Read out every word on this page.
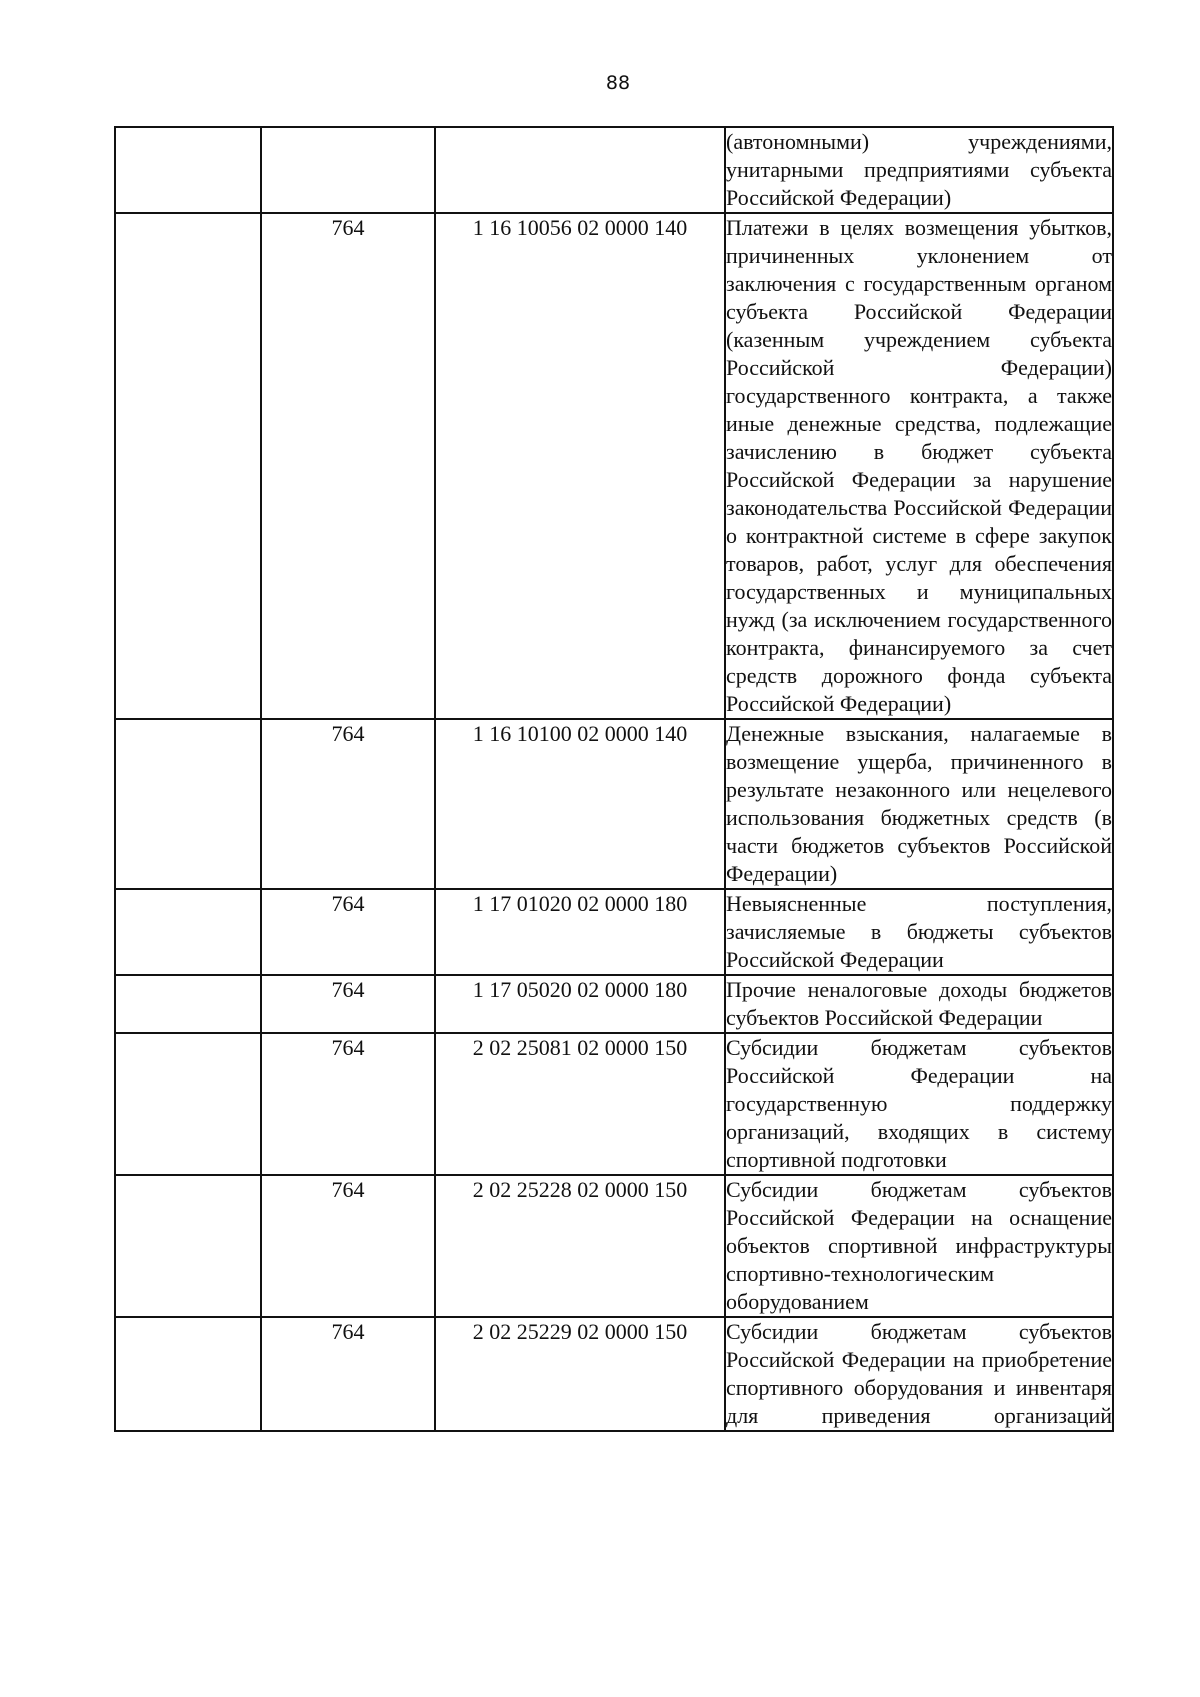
88
			(автономными) учреждениями, унитарными предприятиями субъекта Российской Федерации)
	764	1 16 10056 02 0000 140	Платежи в целях возмещения убытков, причиненных уклонением от заключения с государственным органом субъекта Российской Федерации (казенным учреждением субъекта Российской Федерации) государственного контракта, а также иные денежные средства, подлежащие зачислению в бюджет субъекта Российской Федерации за нарушение законодательства Российской Федерации о контрактной системе в сфере закупок товаров, работ, услуг для обеспечения государственных и муниципальных нужд (за исключением государственного контракта, финансируемого за счет средств дорожного фонда субъекта Российской Федерации)
	764	1 16 10100 02 0000 140	Денежные взыскания, налагаемые в возмещение ущерба, причиненного в результате незаконного или нецелевого использования бюджетных средств (в части бюджетов субъектов Российской Федерации)
	764	1 17 01020 02 0000 180	Невыясненные поступления, зачисляемые в бюджеты субъектов Российской Федерации
	764	1 17 05020 02 0000 180	Прочие неналоговые доходы бюджетов субъектов Российской Федерации
	764	2 02 25081 02 0000 150	Субсидии бюджетам субъектов Российской Федерации на государственную поддержку организаций, входящих в систему спортивной подготовки
	764	2 02 25228 02 0000 150	Субсидии бюджетам субъектов Российской Федерации на оснащение объектов спортивной инфраструктуры спортивно-технологическим оборудованием
	764	2 02 25229 02 0000 150	Субсидии бюджетам субъектов Российской Федерации на приобретение спортивного оборудования и инвентаря для приведения организаций
